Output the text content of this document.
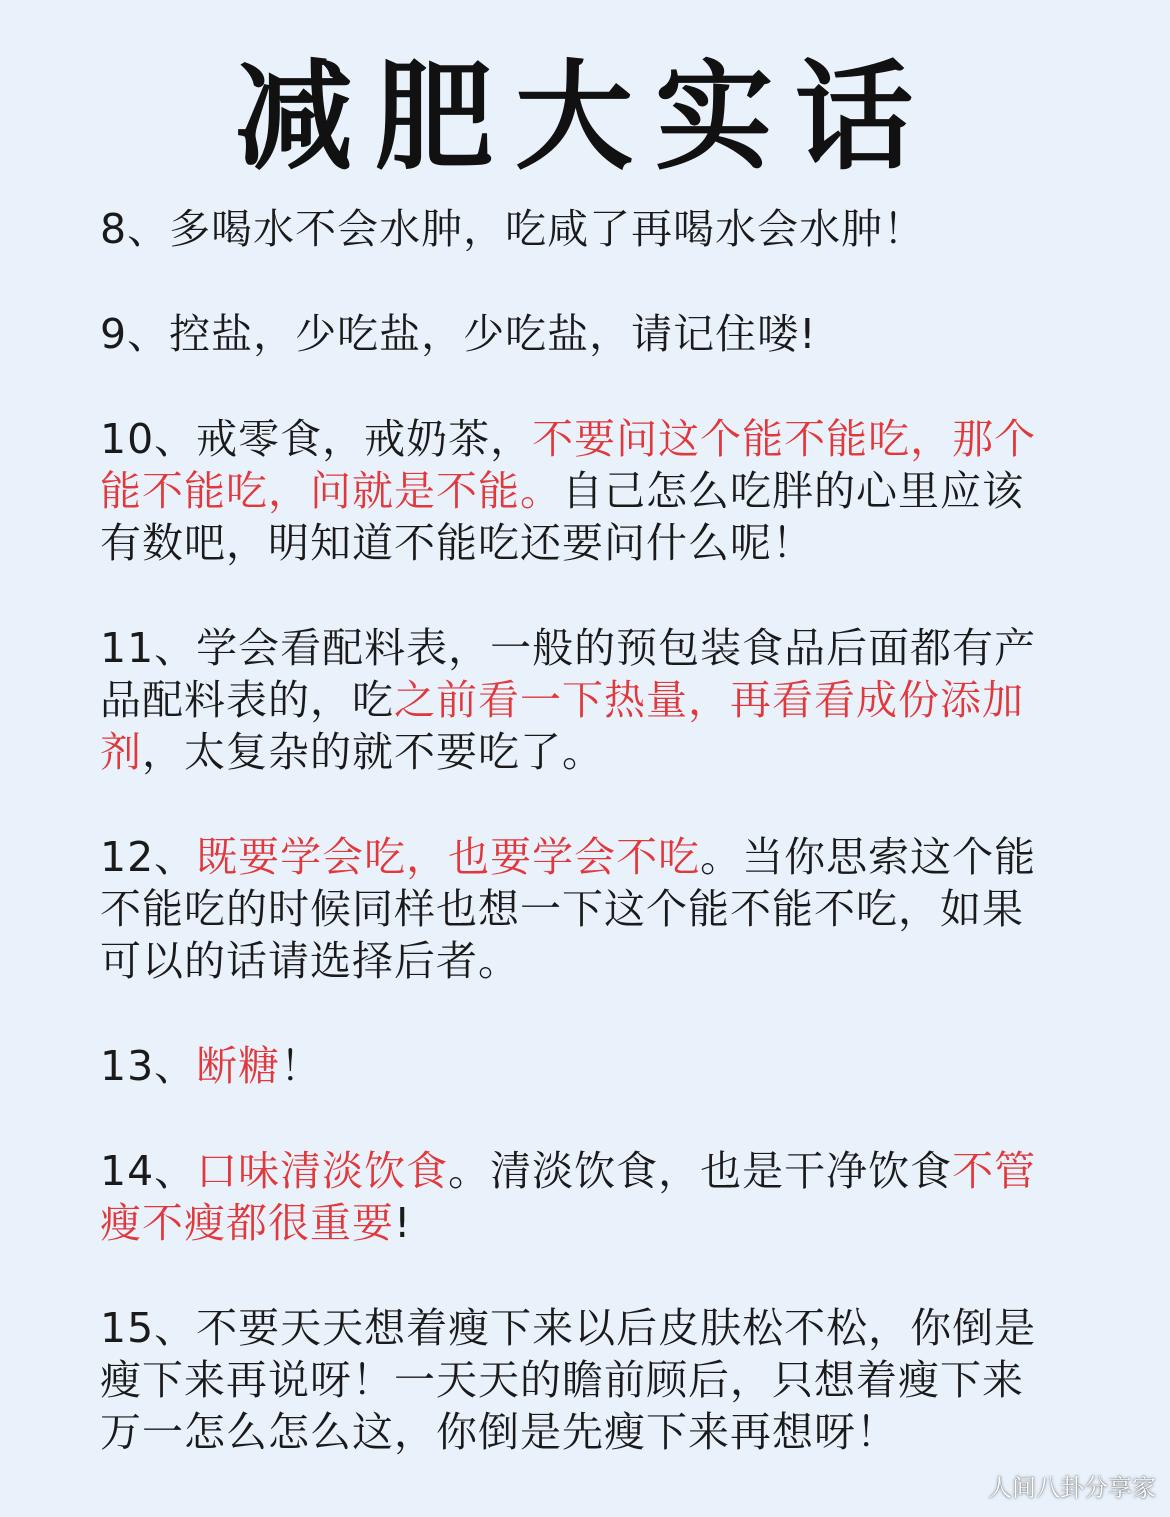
减肥大实话

8、多喝水不会水肿，吃咸了再喝水会水肿！

9、控盐，少吃盐，少吃盐，请记住喽!

10、戒零食，戒奶茶，不要问这个能不能吃，那个能不能吃，问就是不能。自己怎么吃胖的心里应该有数吧，明知道不能吃还要问什么呢！

11、学会看配料表，一般的预包装食品后面都有产品配料表的，吃之前看一下热量，再看看成份添加剂，太复杂的就不要吃了。

12、既要学会吃，也要学会不吃。当你思索这个能不能吃的时候同样也想一下这个能不能不吃，如果可以的话请选择后者。

13、断糖！

14、口味清淡饮食。清淡饮食，也是干净饮食不管瘦不瘦都很重要!

15、不要天天想着瘦下来以后皮肤松不松，你倒是瘦下来再说呀！一天天的瞻前顾后，只想着瘦下来万一怎么怎么这，你倒是先瘦下来再想呀！

人间八卦分享家
